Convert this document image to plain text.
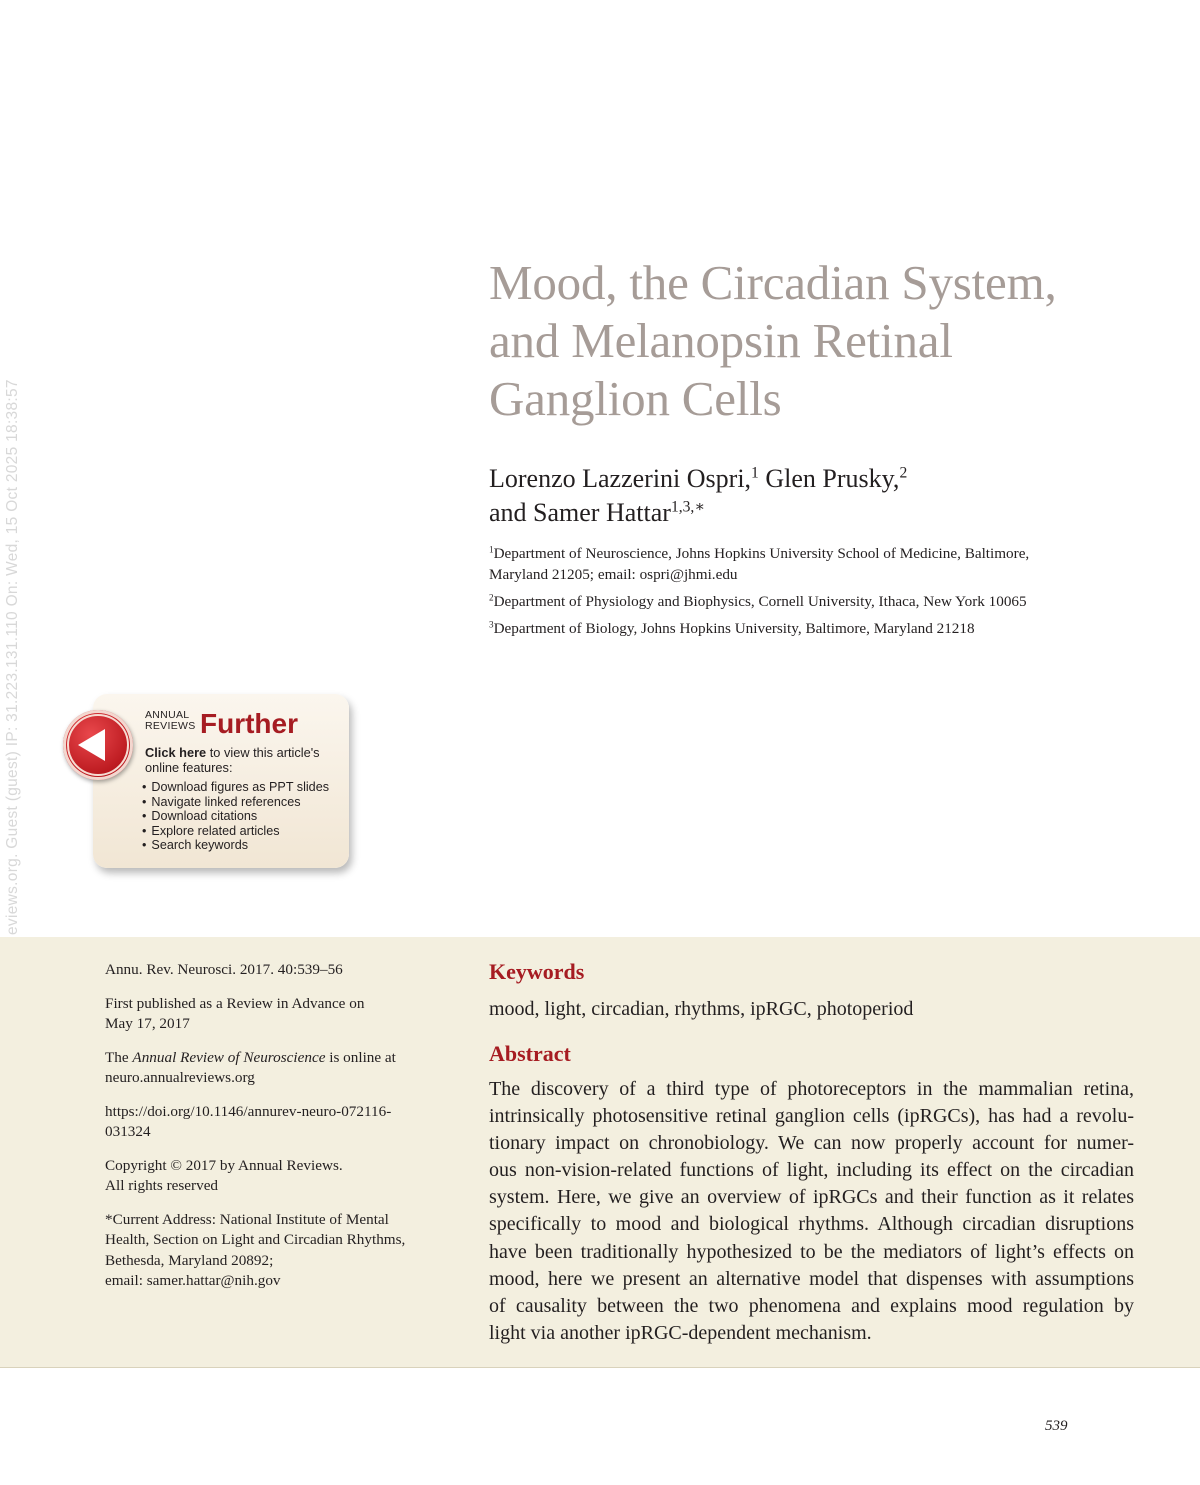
eviews.org. Guest (guest) IP: 31.223.131.110 On: Wed, 15 Oct 2025 18:38:57
Mood, the Circadian System,
and Melanopsin Retinal
Ganglion Cells
Lorenzo Lazzerini Ospri,$^1$ Glen Prusky,$^2$
and Samer Hattar$^{1,3,∗}$
$^1$Department of Neuroscience, Johns Hopkins University School of Medicine, Baltimore,
Maryland 21205; email: ospri@jhmi.edu
$^2$Department of Physiology and Biophysics, Cornell University, Ithaca, New York 10065
$^3$Department of Biology, Johns Hopkins University, Baltimore, Maryland 21218
ANNUAL
REVIEWS Further
Click here to view this article's
online features:
• Download figures as PPT slides
• Navigate linked references
• Download citations
• Explore related articles
• Search keywords

Annu. Rev. Neurosci. 2017. 40:539–56

First published as a Review in Advance on
May 17, 2017

The Annual Review of Neuroscience is online at
neuro.annualreviews.org

https://doi.org/10.1146/annurev-neuro-072116-
031324

Copyright © 2017 by Annual Reviews.
All rights reserved

*Current Address: National Institute of Mental
Health, Section on Light and Circadian Rhythms,
Bethesda, Maryland 20892;
email: samer.hattar@nih.gov

Keywords
mood, light, circadian, rhythms, ipRGC, photoperiod
Abstract
The discovery of a third type of photoreceptors in the mammalian retina,
intrinsically photosensitive retinal ganglion cells (ipRGCs), has had a revolu-
tionary impact on chronobiology. We can now properly account for numer-
ous non-vision-related functions of light, including its effect on the circadian
system. Here, we give an overview of ipRGCs and their function as it relates
specifically to mood and biological rhythms. Although circadian disruptions
have been traditionally hypothesized to be the mediators of light’s effects on
mood, here we present an alternative model that dispenses with assumptions
of causality between the two phenomena and explains mood regulation by
light via another ipRGC-dependent mechanism.
539
